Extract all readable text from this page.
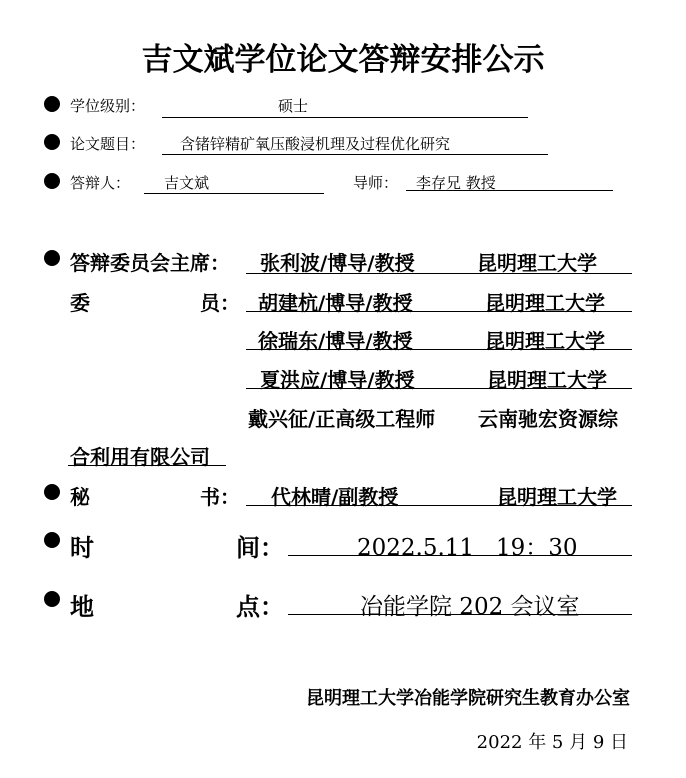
吉文斌学位论文答辩安排公示
学位级别：	硕士
论文题目： 含锗锌精矿氧压酸浸机理及过程优化研究
答辩人： 吉文斌	导师： 李存兄 教授
答辩委员会主席： 张利波/博导/教授	昆明理工大学
委	员： 胡建杭/博导/教授	昆明理工大学
徐瑞东/博导/教授	昆明理工大学
夏洪应/博导/教授	昆明理工大学
戴兴征/正高级工程师 云南驰宏资源综
合利用有限公司
秘	书： 代林晴/副教授	昆明理工大学
时	间：	2022.5.11   19：30
地	点：	冶能学院 202 会议室
昆明理工大学冶能学院研究生教育办公室
2022 年 5 月 9 日
